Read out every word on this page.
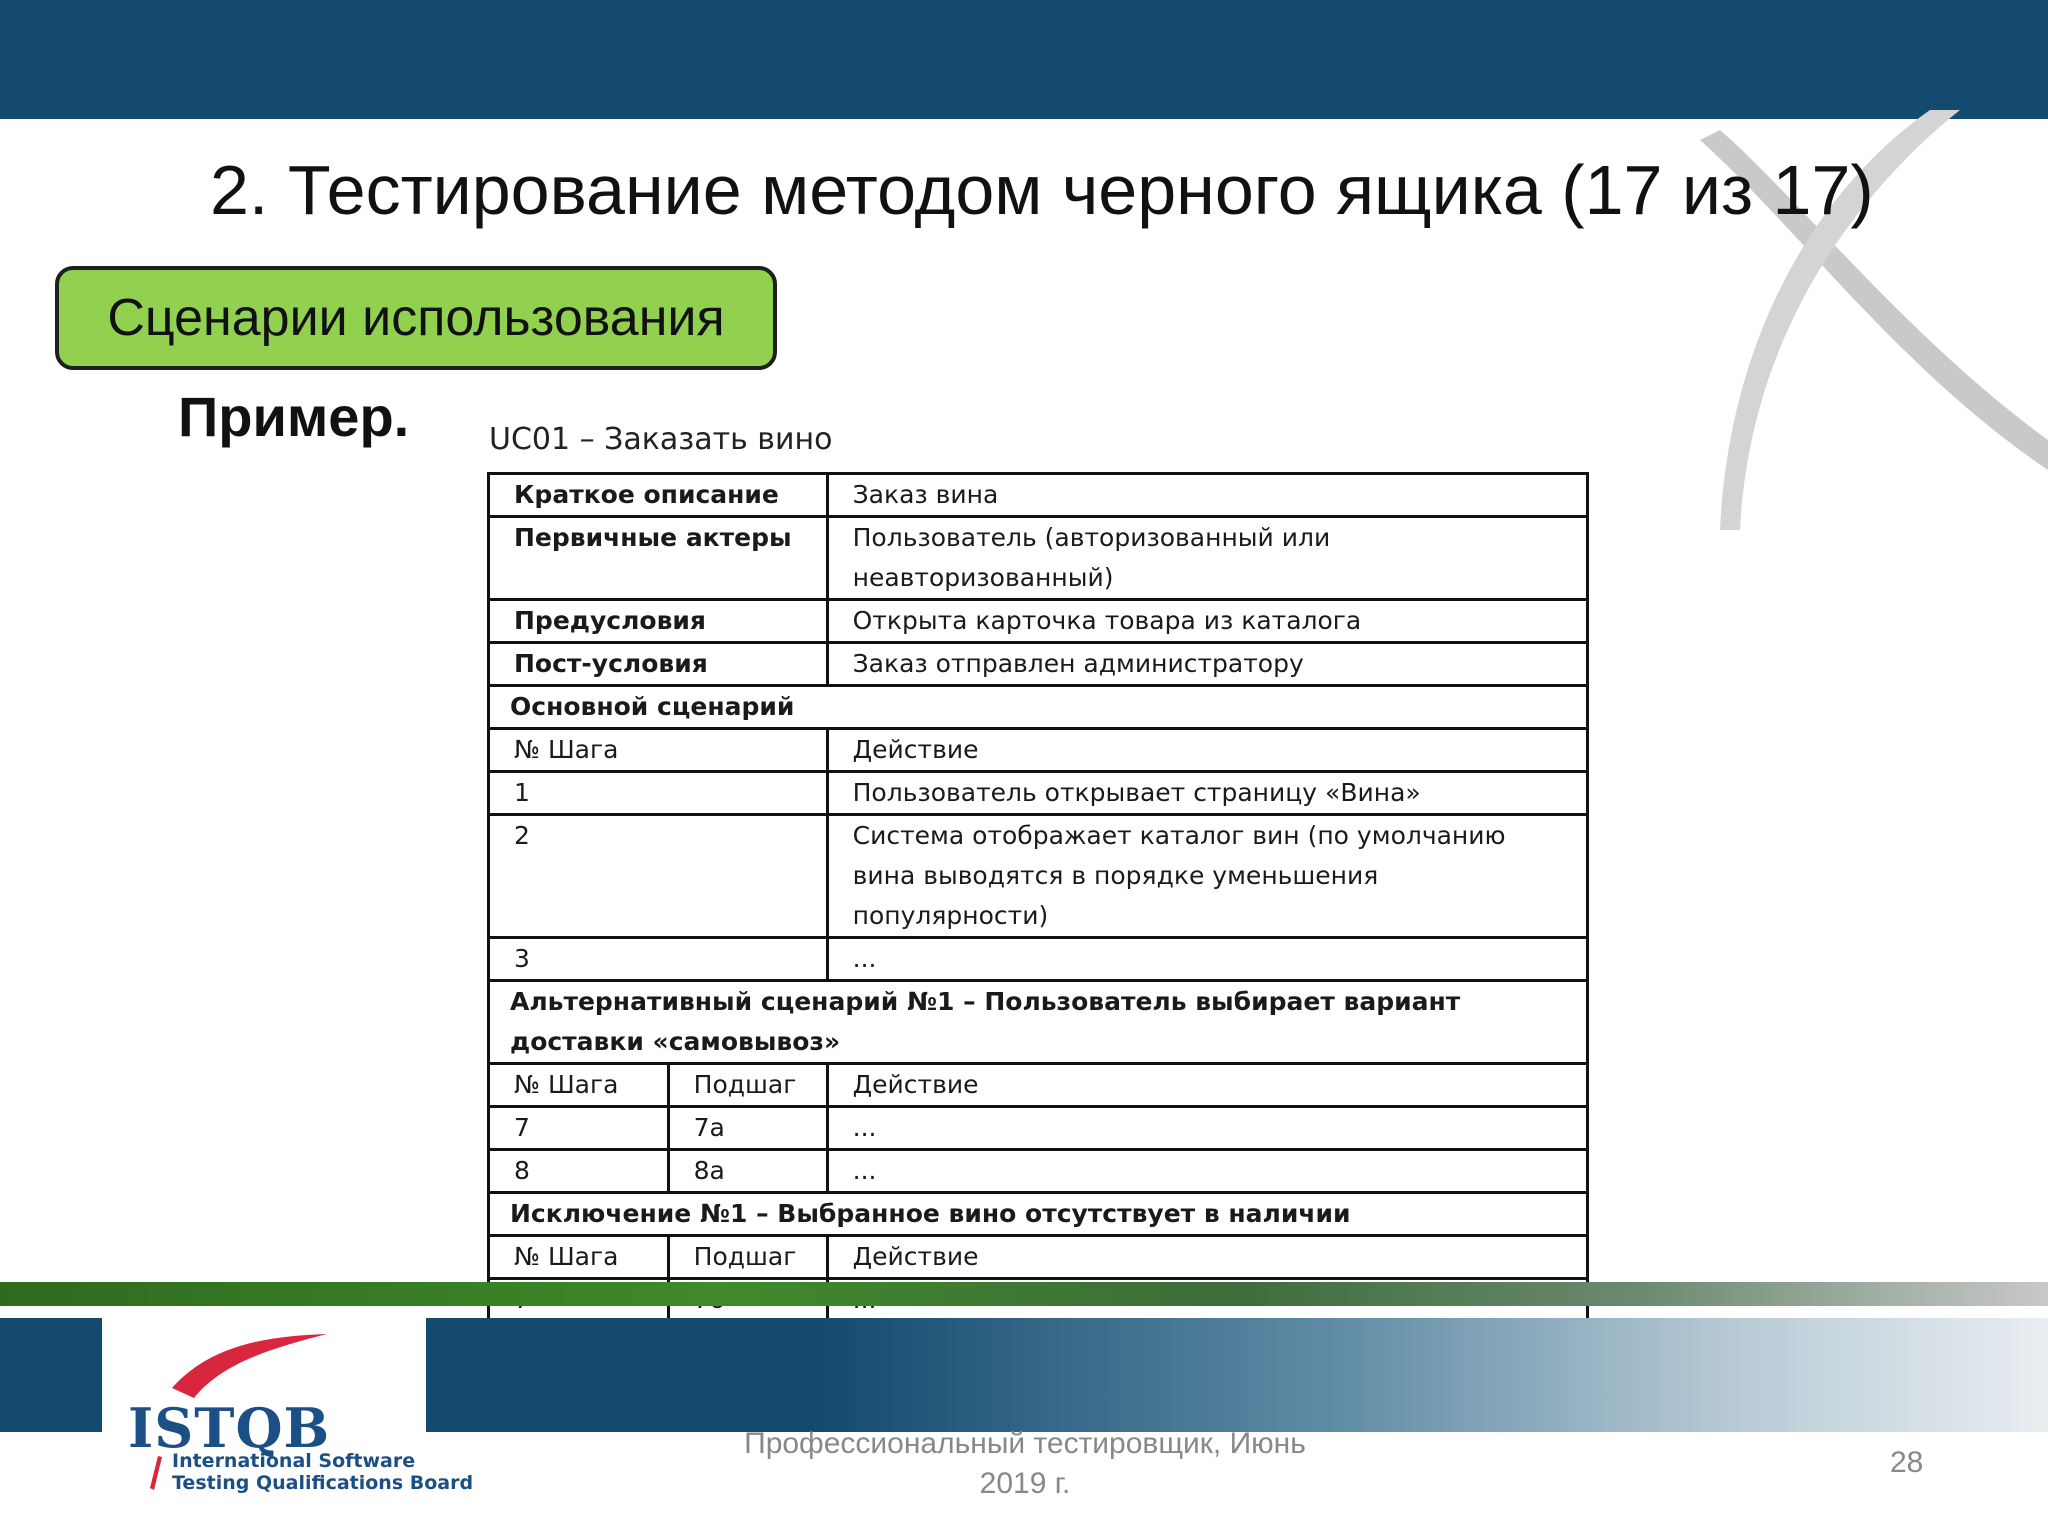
2. Тестирование методом черного ящика (17 из 17)
Сценарии использования
Пример.	UC01 – Заказать вино
Краткое описание		Заказ вина
Первичные актеры		Пользователь (авторизованный или неавторизованный)
Предусловия		Открыта карточка товара из каталога
Пост-условия		Заказ отправлен администратору
Основной сценарий		
№ Шага		Действие
1		Пользователь открывает страницу «Вина»
2		Система отображает каталог вин (по умолчанию вина выводятся в порядке уменьшения популярности)
3		...
Альтернативный сценарий №1 – Пользователь выбирает вариант доставки «самовывоз»		
№ Шага	Подшаг	Действие
7	7а	...
8	8а	...
Исключение №1 – Выбранное вино отсутствует в наличии		
№ Шага	Подшаг	Действие

ISTQB
International Software
Testing Qualifications Board
Профессиональный тестировщик, Июнь
2019 г.
28
